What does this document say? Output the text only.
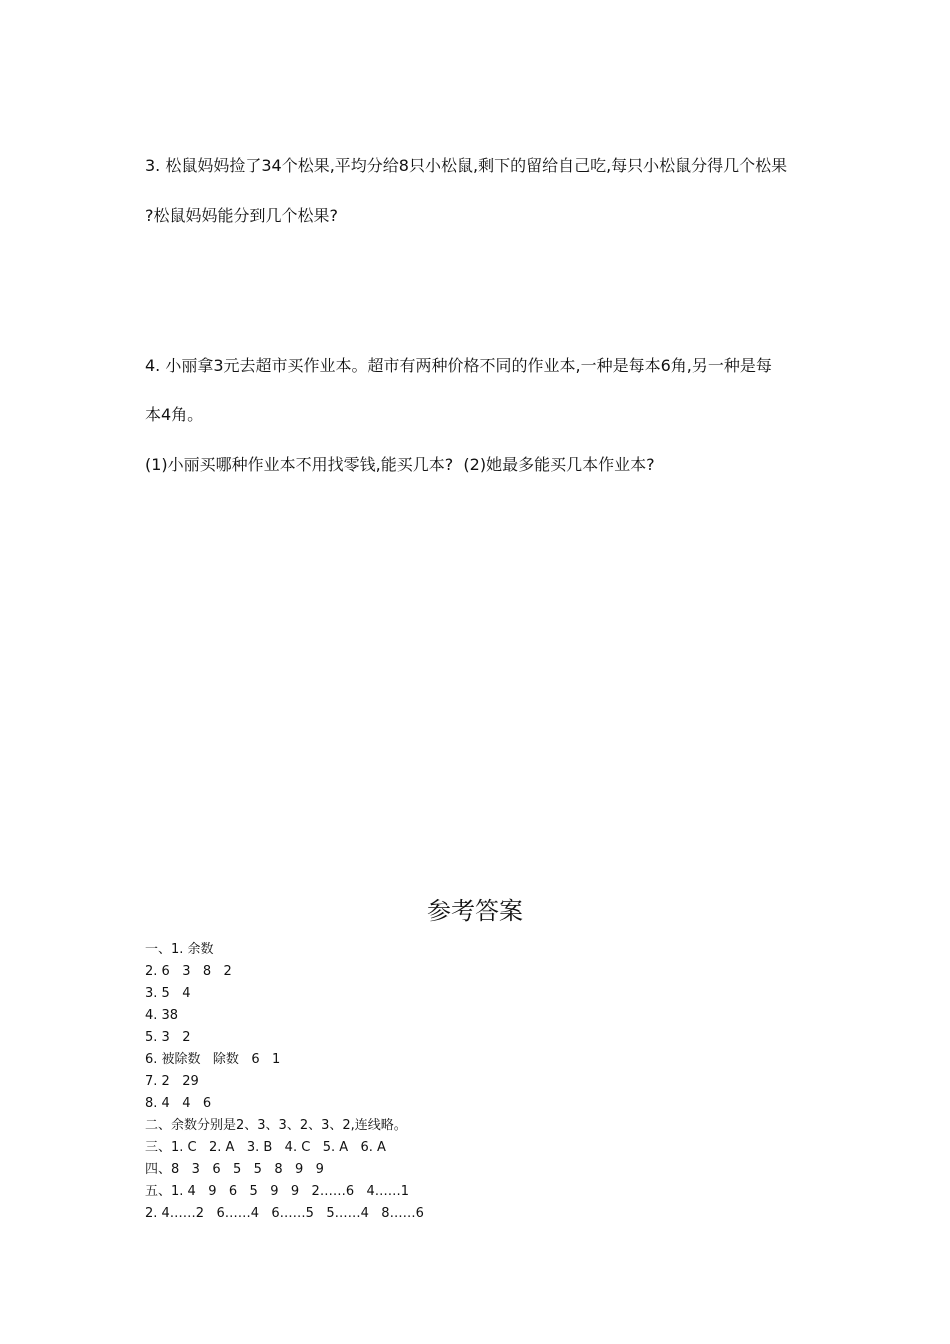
3. 松鼠妈妈捡了34个松果,平均分给8只小松鼠,剩下的留给自己吃,每只小松鼠分得几个松果
?松鼠妈妈能分到几个松果?
4. 小丽拿3元去超市买作业本。超市有两种价格不同的作业本,一种是每本6角,另一种是每
本4角。
(1)小丽买哪种作业本不用找零钱,能买几本?  (2)她最多能买几本作业本?
参考答案
一、1. 余数
2. 6   3   8   2
3. 5   4
4. 38
5. 3   2
6. 被除数   除数   6   1
7. 2   29
8. 4   4   6
二、余数分别是2、3、3、2、3、2,连线略。
三、1. C   2. A   3. B   4. C   5. A   6. A
四、8   3   6   5   5   8   9   9
五、1. 4   9   6   5   9   9   2……6   4……1
2. 4……2   6……4   6……5   5……4   8……6
